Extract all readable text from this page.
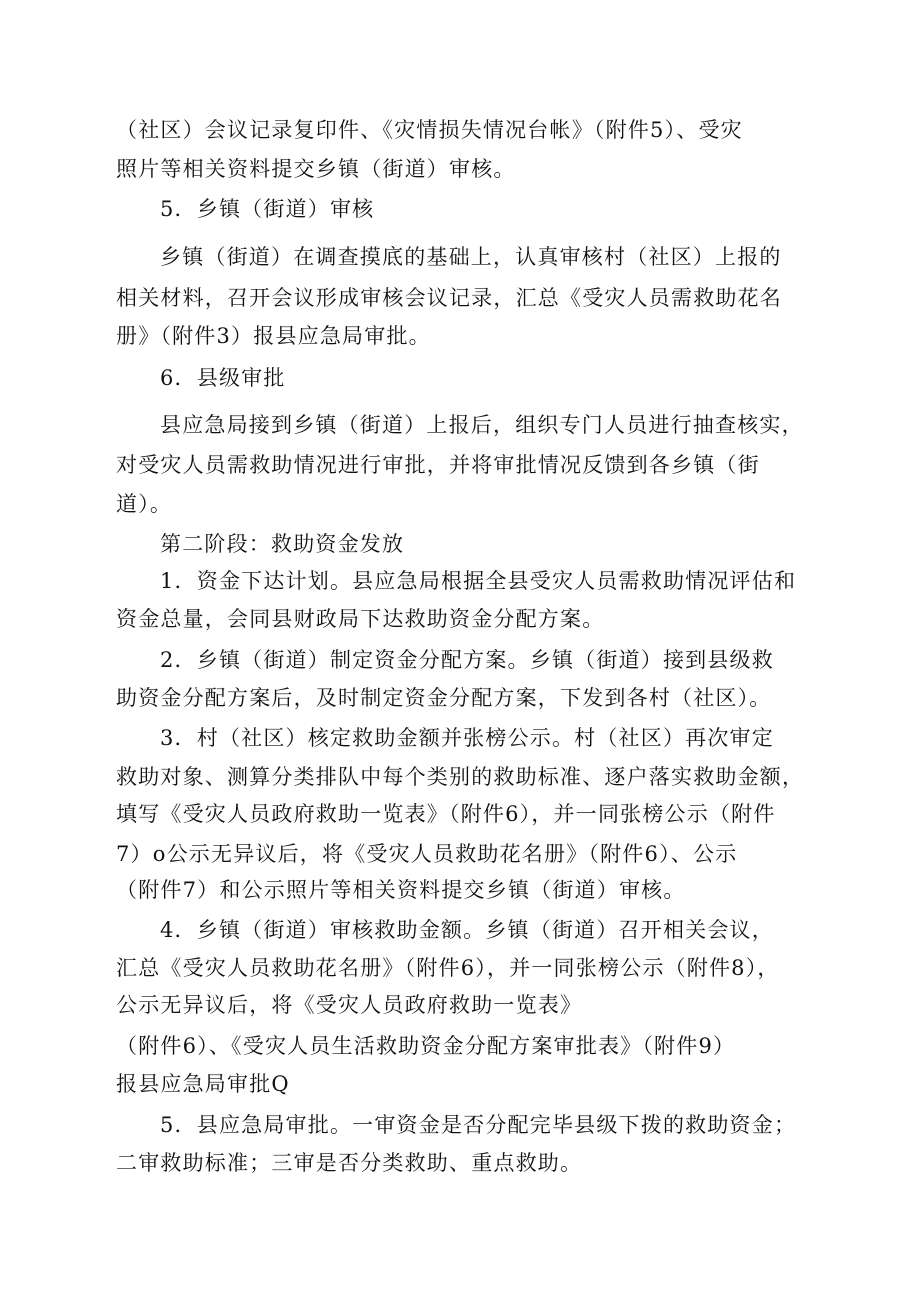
（社区）会议记录复印件、《灾情损失情况台帐》（附件5）、受灾
照片等相关资料提交乡镇（街道）审核。
5．乡镇（街道）审核
乡镇（街道）在调查摸底的基础上，认真审核村（社区）上报的
相关材料，召开会议形成审核会议记录，汇总《受灾人员需救助花名
册》（附件3）报县应急局审批。
6．县级审批
县应急局接到乡镇（街道）上报后，组织专门人员进行抽查核实，
对受灾人员需救助情况进行审批，并将审批情况反馈到各乡镇（街
道）。
第二阶段：救助资金发放
1．资金下达计划。县应急局根据全县受灾人员需救助情况评估和
资金总量，会同县财政局下达救助资金分配方案。
2．乡镇（街道）制定资金分配方案。乡镇（街道）接到县级救
助资金分配方案后，及时制定资金分配方案，下发到各村（社区）。
3．村（社区）核定救助金额并张榜公示。村（社区）再次审定
救助对象、测算分类排队中每个类别的救助标准、逐户落实救助金额，
填写《受灾人员政府救助一览表》（附件6），并一同张榜公示（附件
7）o公示无异议后，将《受灾人员救助花名册》（附件6）、公示
（附件7）和公示照片等相关资料提交乡镇（街道）审核。
4．乡镇（街道）审核救助金额。乡镇（街道）召开相关会议，
汇总《受灾人员救助花名册》（附件6），并一同张榜公示（附件8），
公示无异议后，将《受灾人员政府救助一览表》
（附件6）、《受灾人员生活救助资金分配方案审批表》（附件9）
报县应急局审批Q
5．县应急局审批。一审资金是否分配完毕县级下拨的救助资金；
二审救助标准；三审是否分类救助、重点救助。
